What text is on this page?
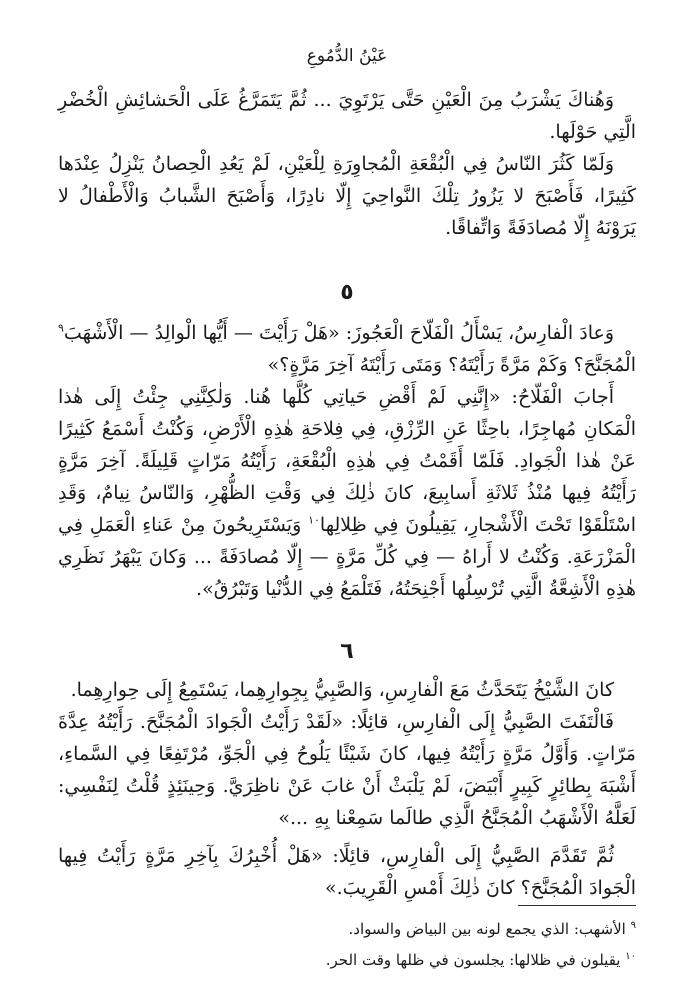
عَيْنُ الدُّمُوعِ

وَهُناكَ يَشْرَبُ مِنَ الْعَيْنِ حَتَّى يَرْتَوِيَ ... ثُمَّ يَتَمَرَّغُ عَلَى الْحَشائِشِ الْخُضْرِ الَّتِي حَوْلَها.

وَلَمّا كَثُرَ النّاسُ فِي الْبُقْعَةِ الْمُجاوِرَةِ لِلْعَيْنِ، لَمْ يَعُدِ الْحِصانُ يَنْزِلُ عِنْدَها كَثِيرًا، فَأَصْبَحَ لا يَزُورُ تِلْكَ النَّواحِيَ إِلّا نادِرًا، وَأَصْبَحَ الشَّبابُ وَالْأَطْفالُ لا يَرَوْنَهُ إِلّا مُصادَفَةً وَاتِّفاقًا.

٥

وَعادَ الْفارِسُ، يَسْأَلُ الْفَلّاحَ الْعَجُوزَ: «هَلْ رَأَيْتَ — أَيُّها الْوالِدُ — الْأَشْهَبَ$^٩$ الْمُجَنَّحَ؟ وَكَمْ مَرَّةً رَأَيْتَهُ؟ وَمَتَى رَأَيْتَهُ آخِرَ مَرَّةٍ؟»

أَجابَ الْفَلّاحُ: «إِنَّنِي لَمْ أَقْضِ حَياتِي كُلَّها هُنا. وَلٰكِنَّنِي جِئْتُ إِلَى هٰذا الْمَكانِ مُهاجِرًا، باحِثًا عَنِ الرِّزْقِ، فِي فِلاحَةِ هٰذِهِ الْأَرْضِ، وَكُنْتُ أَسْمَعُ كَثِيرًا عَنْ هٰذا الْجَوادِ. فَلَمّا أَقَمْتُ فِي هٰذِهِ الْبُقْعَةِ، رَأَيْتُهُ مَرّاتٍ قَلِيلَةً. آخِرَ مَرَّةٍ رَأَيْتُهُ فِيها مُنْذُ ثَلاثَةِ أَسابِيعَ، كانَ ذٰلِكَ فِي وَقْتِ الظُّهْرِ، وَالنّاسُ نِيامٌ، وَقَدِ اسْتَلْقَوْا تَحْتَ الْأَشْجارِ، يَقِيلُونَ فِي ظِلالِها$^{١٠}$ وَيَسْتَرِيحُونَ مِنْ عَناءِ الْعَمَلِ فِي الْمَزْرَعَةِ. وَكُنْتُ لا أَراهُ — فِي كُلِّ مَرَّةٍ — إِلّا مُصادَفَةً ... وَكانَ يَبْهَرُ نَظَرِي هٰذِهِ الْأَشِعَّةُ الَّتِي تُرْسِلُها أَجْنِحَتُهُ، فَتَلْمَعُ فِي الدُّنْيا وَتَبْرُقُ».

٦

كانَ الشَّيْخُ يَتَحَدَّثُ مَعَ الْفارِسِ، وَالصَّبِيُّ بِجِوارِهِما، يَسْتَمِعُ إِلَى حِوارِهِما.

فَالْتَفَتَ الصَّبِيُّ إِلَى الْفارِسِ، قائِلًا: «لَقَدْ رَأَيْتُ الْجَوادَ الْمُجَنَّحَ. رَأَيْتُهُ عِدَّةَ مَرّاتٍ. وَأَوَّلُ مَرَّةٍ رَأَيْتُهُ فِيها، كانَ شَيْئًا يَلُوحُ فِي الْجَوِّ، مُرْتَفِعًا فِي السَّماءِ، أَشْبَهَ بِطائِرٍ كَبِيرٍ أَبْيَضَ، لَمْ يَلْبَثْ أَنْ غابَ عَنْ ناظِرَيَّ. وَحِينَئِذٍ قُلْتُ لِنَفْسِي: لَعَلَّهُ الْأَشْهَبُ الْمُجَنَّحُ الَّذِي طالَما سَمِعْنا بِهِ ...»

ثُمَّ تَقَدَّمَ الصَّبِيُّ إِلَى الْفارِسِ، قائِلًا: «هَلْ أُخْبِرُكَ بِآخِرِ مَرَّةٍ رَأَيْتُ فِيها الْجَوادَ الْمُجَنَّحَ؟ كانَ ذٰلِكَ أَمْسِ الْقَرِيبَ.»

$^٩$ الأشهب: الذي يجمع لونه بين البياض والسواد.

$^{١٠}$ يقيلون في ظلالها: يجلسون في ظلها وقت الحر.
